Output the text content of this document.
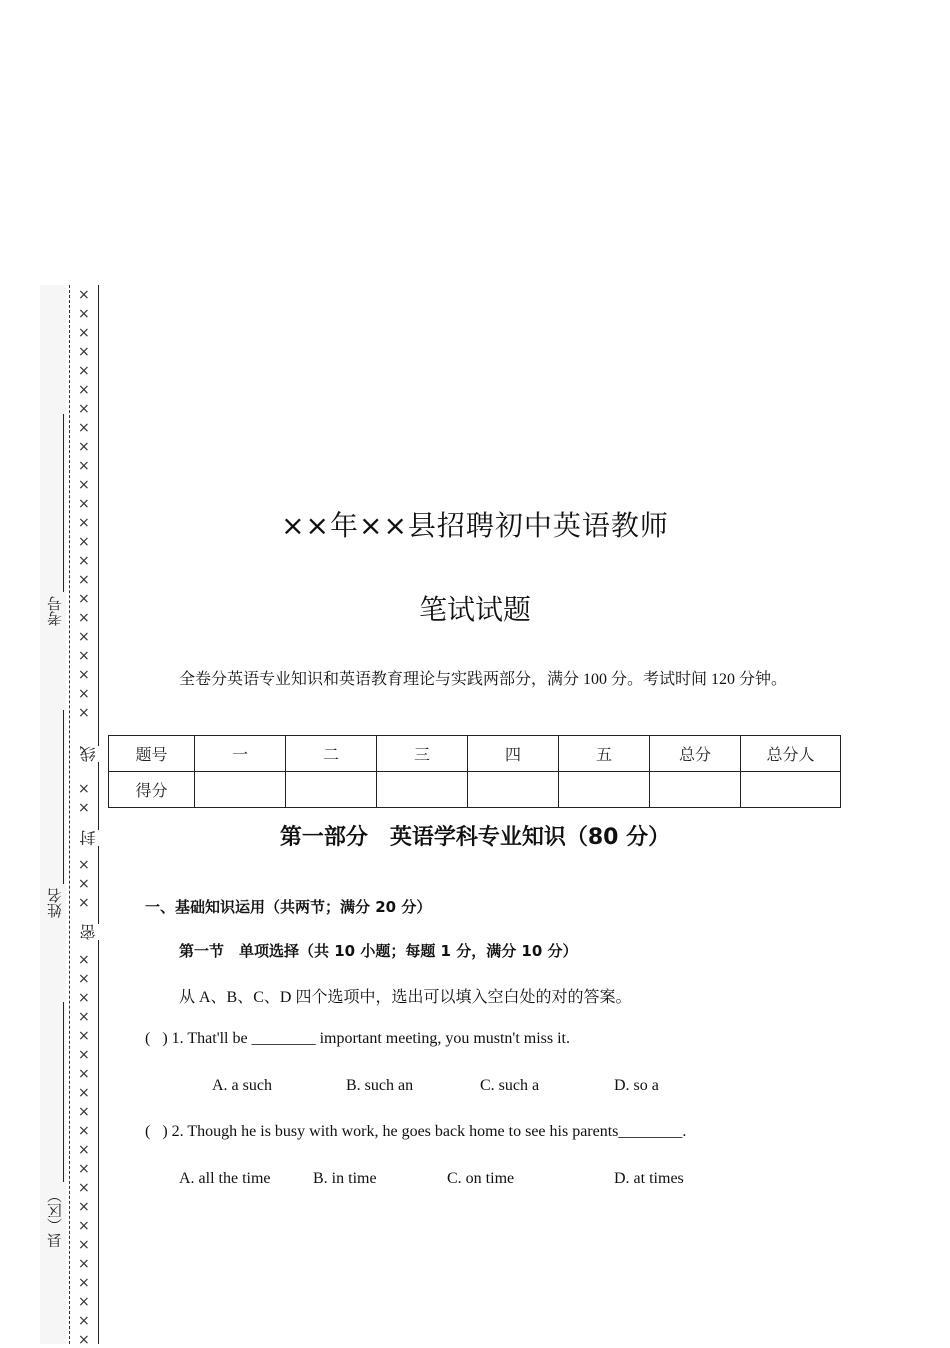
×
×
×
×
×
×
×
×
×
×
×
×
×
×
×
×
×
×
×
×
×
×
×
×
×
×
×
×
×
×
×
×
×
×
×
×
×
×
×
×
×
×
×
×
×
×
×
×
×
线
封
密
考号
姓名
县（区）
××年××县招聘初中英语教师
笔试试题
全卷分英语专业知识和英语教育理论与实践两部分，满分 100 分。考试时间 120 分钟。
题号	一	二	三	四	五	总分	总分人
得分							
第一部分　英语学科专业知识（80 分）
一、基础知识运用（共两节；满分 20 分）
第一节　单项选择（共 10 小题；每题 1 分，满分 10 分）
从 A、B、C、D 四个选项中，选出可以填入空白处的对的答案。
(   ) 1. That'll be ________ important meeting, you mustn't miss it.
A. a such	B. such an	C. such a	D. so a
(   ) 2. Though he is busy with work, he goes back home to see his parents________.
A. all the time	B. in time	C. on time	D. at times
